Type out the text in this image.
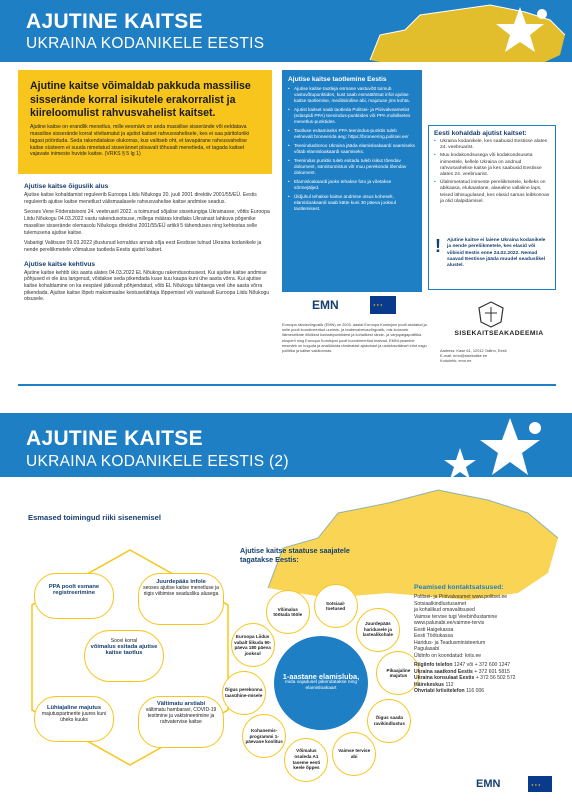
AJUTINE KAITSE
UKRAINA KODANIKELE EESTIS
Ajutine kaitse võimaldab pakkuda massilise sisserände korral isikutele erakorralist ja kiireloomulist rahvusvahelist kaitset.
Ajutine kaitse on erandlik menetlus, mille eesmärk on anda massilise sisserände või eeldatava massilise sisserände korral viivitamatut ja ajutist kaitset rahvusvahelisele, kes ei saa päritoluriiki tagasi pöörduda. Seda rakendatakse olukorras, kus valitseb oht, et tavapärane rahvusvahelise kaitse süsteem ei suuda nimetatud sisserännet piisavalt tõhusalt menetleda, et tagada kaitset vajavate inimeste huvide kaitse. (VRKS § 5 lg 1)
Ajutise kaitse õiguslik alus

Ajutise kaitse kohaldamist reguleerib Euroopa Liidu Nõukogu 20. juuli 2001 direktiiv 2001/55/EÜ. Eestis reguleerib ajutise kaitse menetlust välismaalasele rahvusvahelise kaitse andmise seadus.

Seoses Vene Föderatsiooni 24. veebruaril 2022. a toimunud sõjalise sissetungiga Ukrainasse, võttis Euroopa Liidu Nõukogu 04.03.2022 vastu rakendusotsuse, millega määras kindlaks Ukrainast lahkuva põgenike massilise sisserände olemasolu Nõukogu direktiivi 2001/55/EÜ artikli 5 tähenduses ning kehtestas selle tulemusena ajutise kaitse.

Vabariigi Valitsuse 09.03.2022 jõustunud korraldus annab sõja eest Eestisse tulnud Ukraina kodanikele ja nende pereliikmetele võimaluse taotleda Eestis ajutist kaitset.

Ajutise kaitse kehtivus

Ajutine kaitse kehtib üks aasta alates 04.03.2022 EL Nõukogu rakendusotsusest. Kui ajutise kaitse andmise põhjused ei ole ära langenud, võidakse seda pikendada kuue kuu kaupa kuni ühe aasta võrra. Kui ajutise kaitse kohaldamine on ka eespärel jätkuvalt põhjendatud, võib EL Nõukogu tähtaega veel ühe aasta võrra pikendada. Ajutise kaitse lõpeb maksimaalse kestusetähtaja lõppemisel või vastavalt Euroopa Liidu Nõukogu otsusele.

Ajutise kaitse taotlemine Eestis
• Ajutise kaitse taotleja esmane vastuvõtt toimub vastuvõtupunktides, kust saab esmatähtsat infot ajutise kaitse taotlemise, meditsiinilise abi, majutuse jms kohta.
• Ajutist kaitset saab taotleda Politsei- ja Piirivalveametist (edaspidi PPA) teenindus-punktides või PPA mobiilsetes menetlus-punktides.
• Taotluse esitamiseks PPA teenindus-punktis tuleb eelnevalt broneerida aeg: https://broneering.politsei.ee/
• Teenindusbüroo Ukraina jääda elamisloakaardi saamiseks võtab elamisloakaardi saamiseks.
• Teenindus punktis tuleb esitada tuleb isikut tõendav dokument, sünnitunnistus või muu perekonda tõendav dokument.
• Elamisloakaardi jaoks tehakse foto ja võetakse sõrmejäljed.
• Üldjuhul tehakse kaitse andmise otsus koheselt, elamisloakaardi saab kätte kuni 30 päeva jooksul taotlemisest.
Eesti kohaldab ajutist kaitset:
• Ukraina kodanikele, kes saabusid Eestisse alates 24. veebruarist.
• Muu kodakondsusega või kodakondsuseta inimestele, kellele Ukraina on andnud rahvusvahelise kaitse ja kes saabusid Eestisse alates 24. veebruarist.
• Ülalnimetatud inimeste pereliikmetele, kelleks on abikaasa, elukaaslane, alaealine vallaline laps, teised lähisugulased, kes elasid samas leibkonnas ja olid ülalpidamisel.
! Ajutine kaitse ei laiene Ukraina kodanikele ja nende pereliikmetele, kes elasid või viibisid Eestis enne 24.02.2022. Nemad saavad Eestisse jääda muudel seaduslikel alustel.
EMN
★ ★ ★
Euroopa rändevõrgustik (EMN) on 2003. aastal Euroopa Komisjoni poolt asutatud ja selle poolt koordineeritud uurimis- ja teabevahetusvõrgustik, mis koosneb liikmesriikide riiklikest kontaktpunktidest ja kohalikest rände- ja varjupaigapoliitika eksperti ning Euroopa Komisjoni poolt koordineeritud teatvad. EMNi peamine eesmärk on koguda ja analüüsida rändealast ajakohast ja usaldusväärset infot nagu poliitika ja kaitse valdkonnas.
SISEKAITSEAKADEEMIA
Aadress: Kase 61, 12012 Tallinn, Eesti
E-mail: emn@sisekaitse.ee
Kodulehk: emn.ee
AJUTINE KAITSE
UKRAINA KODANIKELE EESTIS (2)
Esmased toimingud riiki sisenemisel
PPA poolt esmane registreerimine
Juurdepääs infole
seoses ajutise kaitse menetluse ja riigis viibimise seadusliku alusega
Soovi korral
võimalus esitada ajutise kaitse taotlus
Lühiajaline majutus
majutuspartnerite juures kuni üheks kuuks
Vältimatu arstiabi
vältimatu hambaravi, COVID-19 testimine ja vaktsineerimine ja rahvatervise kaitse
Ajutise kaitse staatuse saajatele tagatakse Eestis:
1-aastane elamisluba,
mida vajadusel pikendatakse ning elamisloakaart
Sotsiaal-toetused
Juurdepääs haridusele ja lastealikohale
Pikaajaline majutus
Õigus saada ravikindlustus
Vaimse tervise abi
Võimalus osaleda A1 taseme eesti keele õppes
Kohanemis-programmi 1-päevane koolitus
Õigus perekonna taasühine-misele
Euroopa Liidus vabalt liikuda 90-päeva 180 päeva jooksul
Võimalus töötada tööle
Peamised kontaktsatsused:
Politsei- ja Piirivalveamet www.politsei.ee
Sotsiaalkindlustusamet
ja kohalikud omavalitsused
Vaimse tervise tugi Veebinõustamine
www.palunabi.ee/vaimne-tervis
Eesti Haigekassa
Eesti Töötukassa
Haridus- ja Teadusministeerium
Pagulasabi
Üldinfo on koondatud: kriis.ee
Riigiinfo telefon 1247 või + 372 600 1247
Ukraina saatkond Eestis + 372 601 5815
Ukraina konsulaat Eestis + 372 56 502 572
Häirekeskus 112
Ohvriabi kriisitelefon 116 006
EMN
★ ★ ★
